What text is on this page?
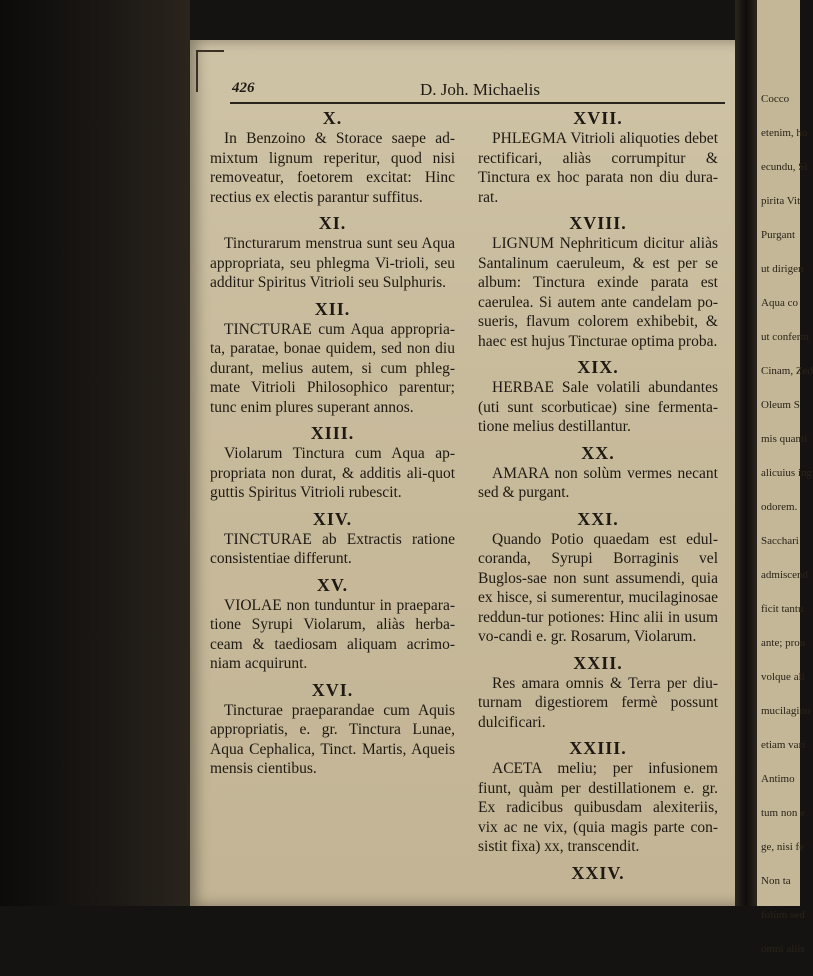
426	D. Joh. Michaelis
X.

In Benzoino & Storace saepe ad-mixtum lignum reperitur, quod nisi removeatur, foetorem excitat: Hinc rectius ex electis parantur suffitus.

XI.

Tincturarum menstrua sunt seu Aqua appropriata, seu phlegma Vi-trioli, seu additur Spiritus Vitrioli seu Sulphuris.

XII.

TINCTURAE cum Aqua appropria-ta, paratae, bonae quidem, sed non diu durant, melius autem, si cum phleg-mate Vitrioli Philosophico parentur; tunc enim plures superant annos.

XIII.

Violarum Tinctura cum Aqua ap-propriata non durat, & additis ali-quot guttis Spiritus Vitrioli rubescit.

XIV.

TINCTURAE ab Extractis ratione consistentiae differunt.

XV.

VIOLAE non tunduntur in praepara-tione Syrupi Violarum, aliàs herba-ceam & taediosam aliquam acrimo-niam acquirunt.

XVI.

Tincturae praeparandae cum Aquis appropriatis, e. gr. Tinctura Lunae, Aqua Cephalica, Tinct. Martis, Aqueis mensis cientibus.

XVII.

PHLEGMA Vitrioli aliquoties debet rectificari, aliàs corrumpitur & Tinctura ex hoc parata non diu dura-rat.

XVIII.

LIGNUM Nephriticum dicitur aliàs Santalinum caeruleum, & est per se album: Tinctura exinde parata est caerulea. Si autem ante candelam po-sueris, flavum colorem exhibebit, & haec est hujus Tincturae optima proba.

XIX.

HERBAE Sale volatili abundantes (uti sunt scorbuticae) sine fermenta-tione melius destillantur.

XX.

AMARA non solùm vermes necant sed & purgant.

XXI.

Quando Potio quaedam est edul-coranda, Syrupi Borraginis vel Buglos-sae non sunt assumendi, quia ex hisce, si sumerentur, mucilaginosae reddun-tur potiones: Hinc alii in usum vo-candi e. gr. Rosarum, Violarum.

XXII.

Res amara omnis & Terra per diu-turnam digestiorem fermè possunt dulcificari.

XXIII.

ACETA meliu; per infusionem fiunt, quàm per destillationem e. gr. Ex radicibus quibusdam alexiteriis, vix ac ne vix, (quia magis parte con-sistit fixa) xx, transcendit.

XXIV.

Cocco
etenim, ho
ecundu, Si
pirita Vit
Purgant
ut dirigen
Aqua co
ut conferm
Cinam, Zed
Oleum S
mis quanti
alicuius ing
odorem.
Sacchari
admiscend
ficit tantu
ante; prou
volque ali
mucilagino
etiam vari
Antimo
tum non e
ge, nisi fe
Non ta
folùm sed
omni aliis
